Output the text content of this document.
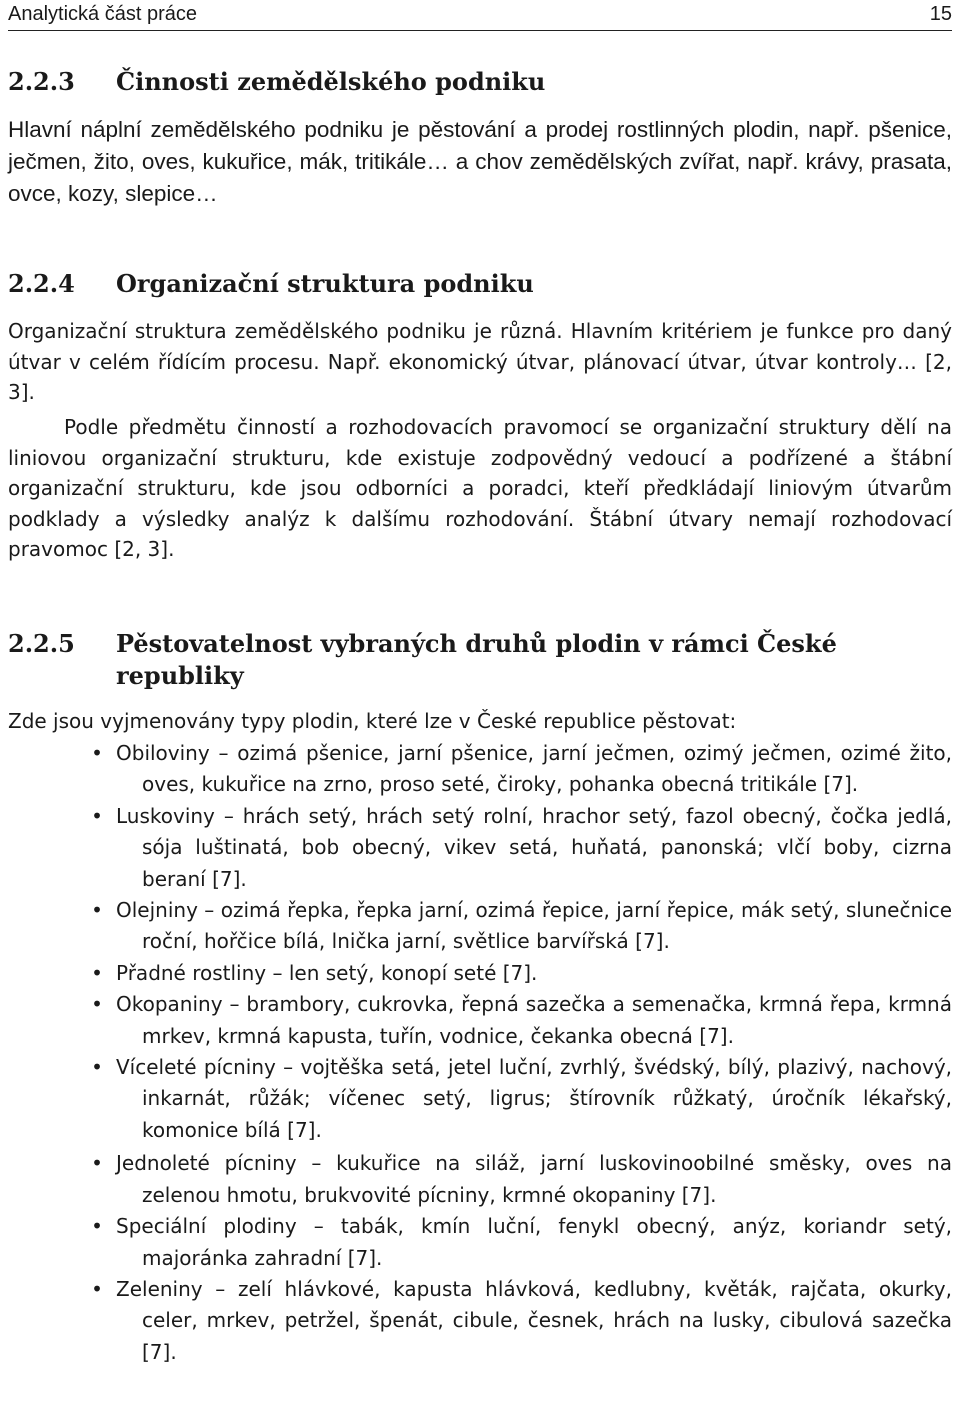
Analytická část práce	15
2.2.3 Činnosti zemědělského podniku

Hlavní náplní zemědělského podniku je pěstování a prodej rostlinných plodin, např. pšenice, ječmen, žito, oves, kukuřice, mák, tritikále… a chov zemědělských zvířat, např. krávy, prasata, ovce, kozy, slepice…

2.2.4 Organizační struktura podniku

Organizační struktura zemědělského podniku je různá. Hlavním kritériem je funkce pro daný útvar v celém řídícím procesu. Např. ekonomický útvar, plánovací útvar, útvar kontroly… [2, 3].

Podle předmětu činností a rozhodovacích pravomocí se organizační struktury dělí na liniovou organizační strukturu, kde existuje zodpovědný vedoucí a podřízené a štábní organizační strukturu, kde jsou odborníci a poradci, kteří předkládají liniovým útvarům podklady a výsledky analýz k dalšímu rozhodování. Štábní útvary nemají rozhodovací pravomoc [2, 3].

2.2.5 Pěstovatelnost vybraných druhů plodin v rámci České republiky

Zde jsou vyjmenovány typy plodin, které lze v České republice pěstovat:

• Obiloviny – ozimá pšenice, jarní pšenice, jarní ječmen, ozimý ječmen, ozimé žito, oves, kukuřice na zrno, proso seté, čiroky, pohanka obecná tritikále [7].
• Luskoviny – hrách setý, hrách setý rolní, hrachor setý, fazol obecný, čočka jedlá, sója luštinatá, bob obecný, vikev setá, huňatá, panonská; vlčí boby, cizrna beraní [7].
• Olejniny – ozimá řepka, řepka jarní, ozimá řepice, jarní řepice, mák setý, slunečnice roční, hořčice bílá, lnička jarní, světlice barvířská [7].
• Přadné rostliny – len setý, konopí seté [7].
• Okopaniny – brambory, cukrovka, řepná sazečka a semenačka, krmná řepa, krmná mrkev, krmná kapusta, tuřín, vodnice, čekanka obecná [7].
• Víceleté pícniny – vojtěška setá, jetel luční, zvrhlý, švédský, bílý, plazivý, nachový, inkarnát, růžák; víčenec setý, ligrus; štírovník růžkatý, úročník lékařský, komonice bílá [7].
• Jednoleté pícniny – kukuřice na siláž, jarní luskovinoobilné směsky, oves na zelenou hmotu, brukvovité pícniny, krmné okopaniny [7].
• Speciální plodiny – tabák, kmín luční, fenykl obecný, anýz, koriandr setý, majoránka zahradní [7].
• Zeleniny – zelí hlávkové, kapusta hlávková, kedlubny, květák, rajčata, okurky, celer, mrkev, petržel, špenát, cibule, česnek, hrách na lusky, cibulová sazečka [7].
